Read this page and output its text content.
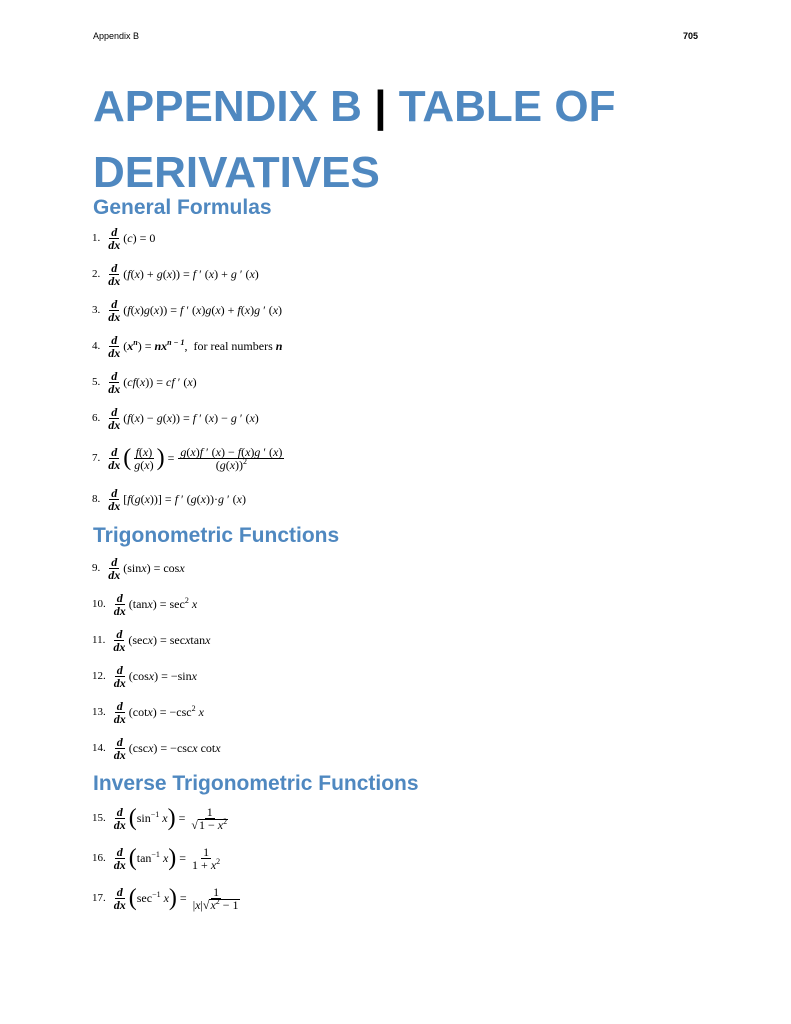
Appendix B	705
APPENDIX B | TABLE OF DERIVATIVES
General Formulas
1. d
dx (c) = 0
2. d
dx (f(x) + g(x)) = f ′ (x) + g ′ (x)
3. d
dx (f(x)g(x)) = f ′ (x)g(x) + f(x)g ′ (x)
4. d
dx $(x^n) = nx^{n - 1}$, for real numbers n
5. d
dx (cf(x)) = cf ′ (x)
6. d
dx (f(x) − g(x)) = f ′ (x) − g ′ (x)
7. d
dx ( f(x)
g(x) ) = $\frac{g(x)f ' (x) - f(x)g ' (x)}{(g(x))^2}$
8. d
dx [f(g(x))] = f ′ (g(x))·g ′ (x)
Trigonometric Functions
9. d
dx (sinx) = cosx
10. d
dx $(\tan x) = \sec^2 x$
11. d
dx (secx) = secxtanx
12. d
dx (cosx) = −sinx
13. d
dx $(\cot x) = -\csc^2$ x
14. d
dx (cscx) = −cscx cotx
Inverse Trigonometric Functions
15. d
dx ( $\sin^{-1} x$ ) = $\frac{1}{√1 - x^2}$
16. d
dx ( $\tan^{-1} x$ ) = $\frac{1}{1 + x^2}$
17. d
dx ( $\sec^{-1} x$ ) = $\frac{1}{|x|√x^2 - 1}$
